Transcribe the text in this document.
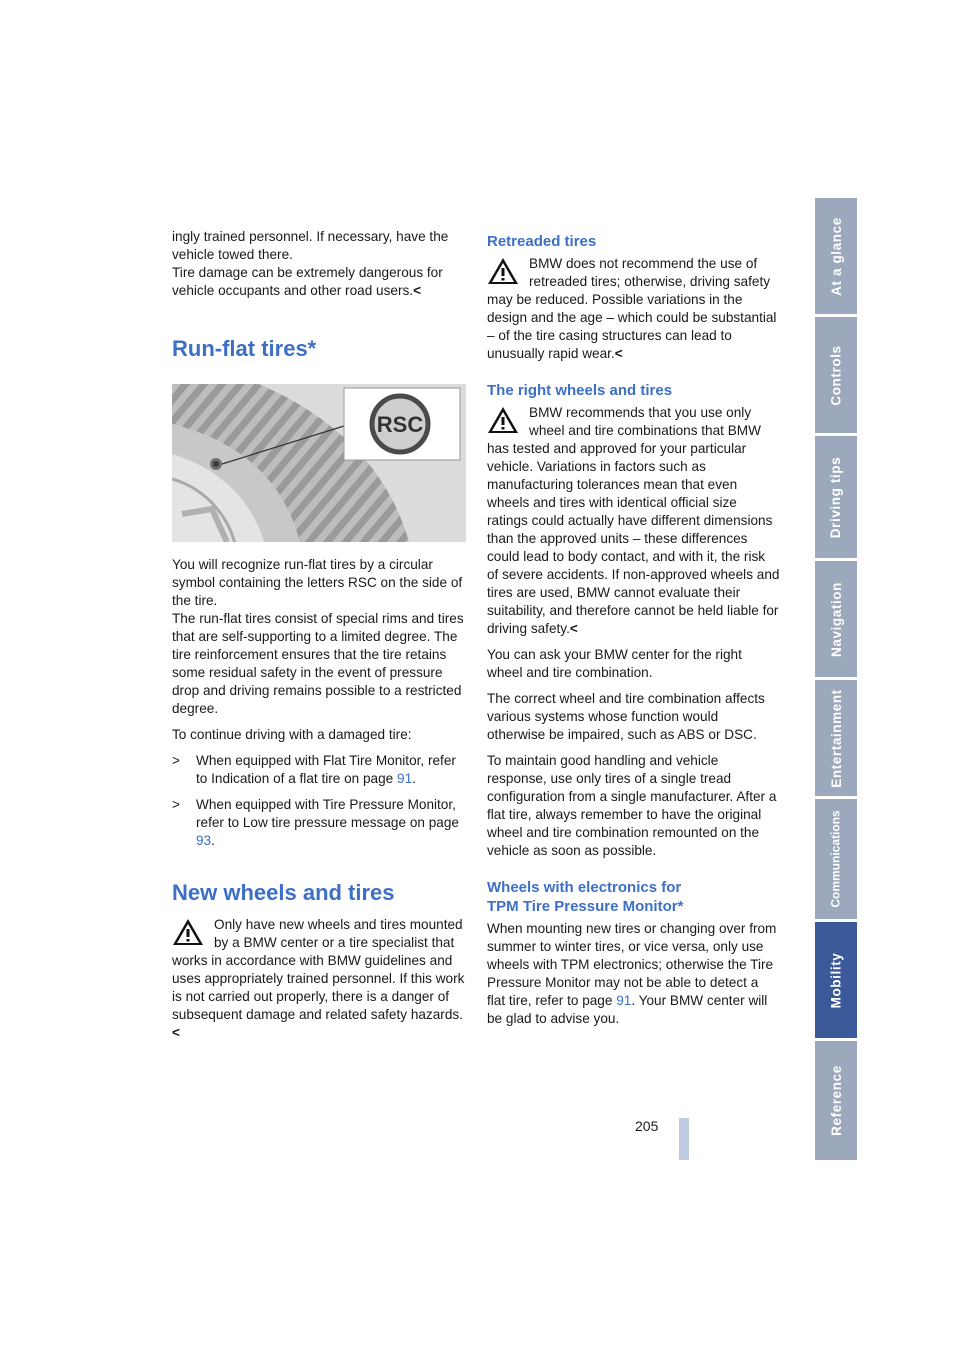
ingly trained personnel. If necessary, have the vehicle towed there.

Tire damage can be extremely dangerous for vehicle occupants and other road users.<

Run-flat tires*
RSC

You will recognize run-flat tires by a circular symbol containing the letters RSC on the side of the tire.

The run-flat tires consist of special rims and tires that are self-supporting to a limited degree. The tire reinforcement ensures that the tire retains some residual safety in the event of pressure drop and driving remains possible to a restricted degree.

To continue driving with a damaged tire:

> When equipped with Flat Tire Monitor, refer to Indication of a flat tire on page 91.
> When equipped with Tire Pressure Monitor, refer to Low tire pressure message on page 93.
New wheels and tires
Only have new wheels and tires mounted by a BMW center or a tire specialist that works in accordance with BMW guidelines and uses appropriately trained personnel. If this work is not carried out properly, there is a danger of subsequent damage and related safety hazards.<
Retreaded tires
BMW does not recommend the use of retreaded tires; otherwise, driving safety may be reduced. Possible variations in the design and the age – which could be substantial – of the tire casing structures can lead to unusually rapid wear.<
The right wheels and tires
BMW recommends that you use only wheel and tire combinations that BMW has tested and approved for your particular vehicle. Variations in factors such as manufacturing tolerances mean that even wheels and tires with identical official size ratings could actually have different dimensions than the approved units – these differences could lead to body contact, and with it, the risk of severe accidents. If non-approved wheels and tires are used, BMW cannot evaluate their suitability, and therefore cannot be held liable for driving safety.<

You can ask your BMW center for the right wheel and tire combination.

The correct wheel and tire combination affects various systems whose function would otherwise be impaired, such as ABS or DSC.

To maintain good handling and vehicle response, use only tires of a single tread configuration from a single manufacturer. After a flat tire, always remember to have the original wheel and tire combination remounted on the vehicle as soon as possible.

Wheels with electronics for
TPM Tire Pressure Monitor*

When mounting new tires or changing over from summer to winter tires, or vice versa, only use wheels with TPM electronics; otherwise the Tire Pressure Monitor may not be able to detect a flat tire, refer to page 91. Your BMW center will be glad to advise you.

At a glance
Controls
Driving tips
Navigation
Entertainment
Communications
Mobility
Reference
205
